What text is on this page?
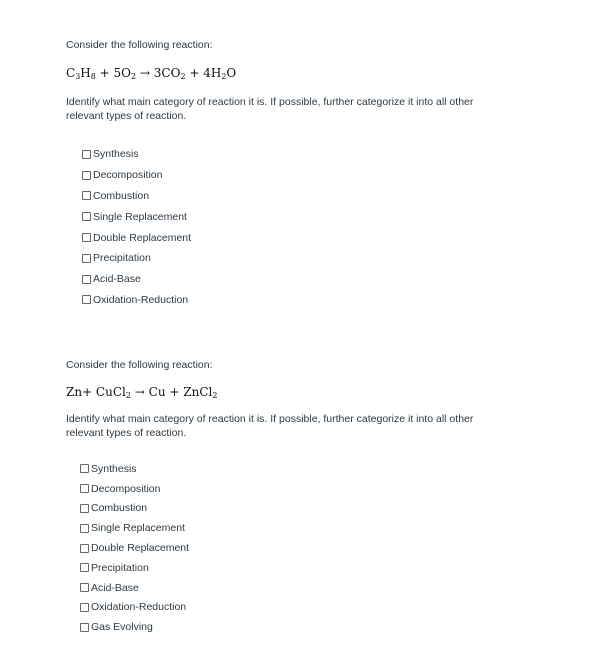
Consider the following reaction:
$C_3H_8 + 5O_2 \to 3CO_2 + 4H_2O$
Identify what main category of reaction it is. If possible, further categorize it into all other relevant types of reaction.
Synthesis
Decomposition
Combustion
Single Replacement
Double Replacement
Precipitation
Acid-Base
Oxidation-Reduction
Consider the following reaction:
Zn+ CuCl$_2$ → Cu + ZnCl$_2$
Identify what main category of reaction it is. If possible, further categorize it into all other relevant types of reaction.
Synthesis
Decomposition
Combustion
Single Replacement
Double Replacement
Precipitation
Acid-Base
Oxidation-Reduction
Gas Evolving
